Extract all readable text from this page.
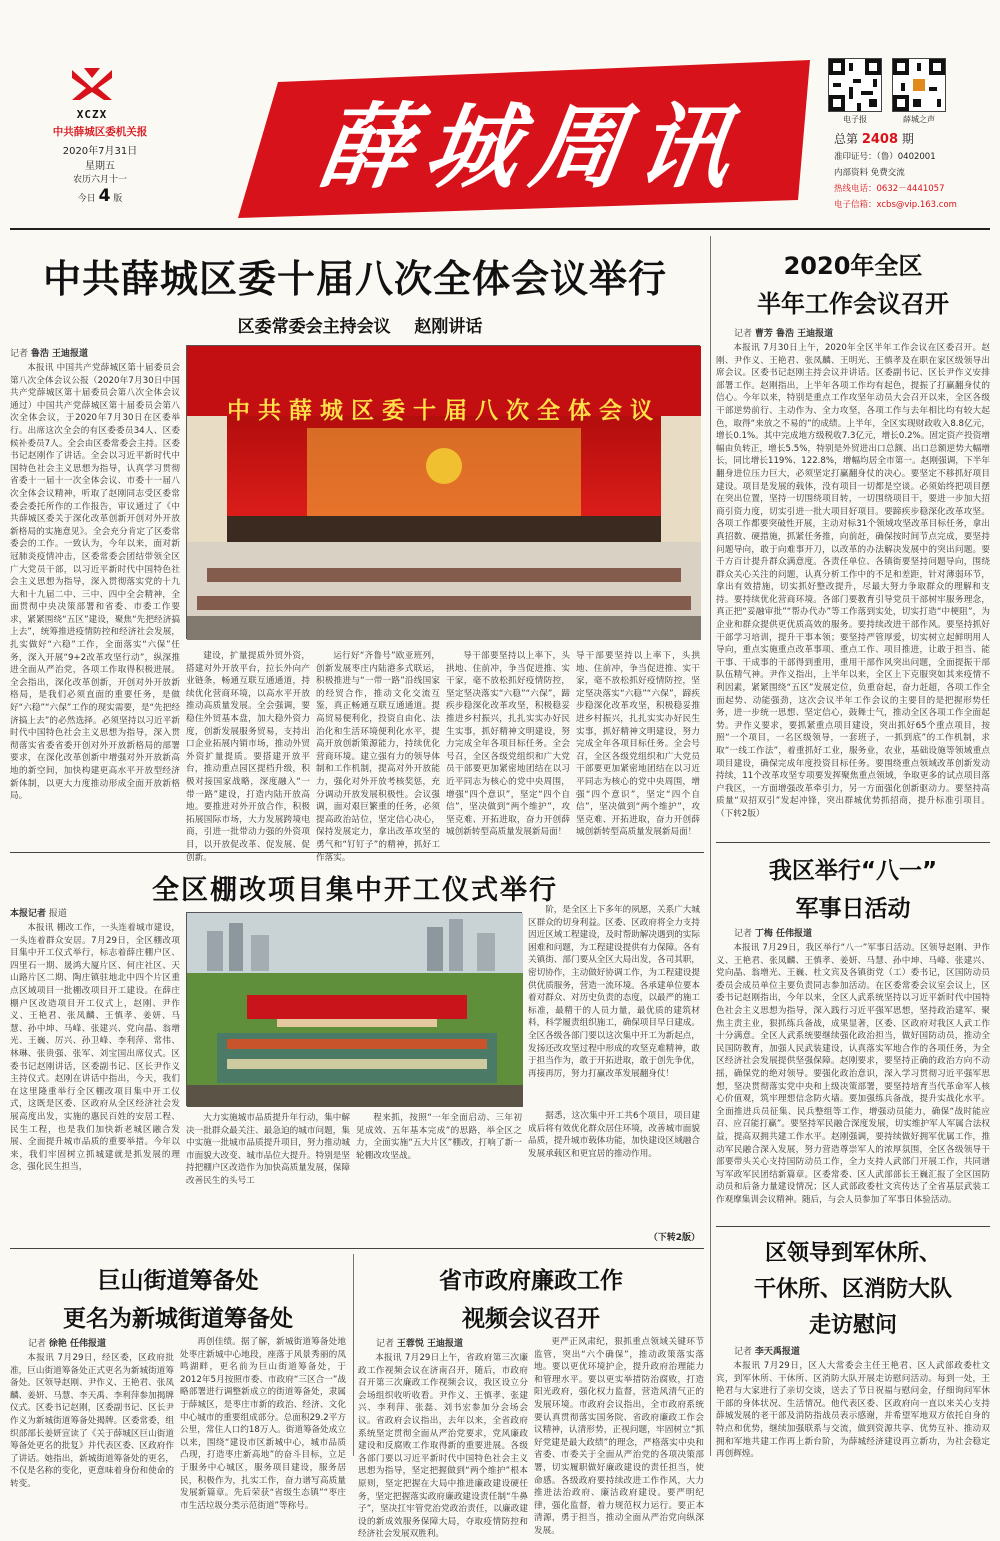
XCZX
中共薛城区委机关报
2020年7月31日
星期五
农历六月十一
今日 4 版	薛城周讯	电子报	薛城之声
总第 2408 期
准印证号：（鲁）0402001
内部资料 免费交流
热线电话：0632－4441057
电子信箱：xcbs@vip.163.com
中共薛城区委十届八次全体会议举行
区委常委会主持会议    赵刚讲话
记者 鲁浩 王迪报道

本报讯 中国共产党薛城区第十届委员会第八次全体会议公报（2020年7月30日中国共产党薛城区第十届委员会第八次全体会议通过）中国共产党薛城区第十届委员会第八次全体会议，于2020年7月30日在区委举行。出席这次全会的有区委委员34人、区委候补委员7人。全会由区委常委会主持。区委书记赵刚作了讲话。全会以习近平新时代中国特色社会主义思想为指导，认真学习贯彻省委十一届十一次全体会议、市委十一届八次全体会议精神，听取了赵刚同志受区委常委会委托所作的工作报告，审议通过了《中共薛城区委关于深化改革创新开创对外开放新格局的实施意见》。全会充分肯定了区委常委会的工作。一致认为，今年以来，面对新冠肺炎疫情冲击，区委常委会团结带领全区广大党员干部，以习近平新时代中国特色社会主义思想为指导，深入贯彻落实党的十九大和十九届二中、三中、四中全会精神，全面贯彻中央决策部署和省委、市委工作要求，紧紧围绕“五区”建设，聚焦“先把经济搞上去”，统筹推进疫情防控和经济社会发展，扎实做好“六稳”工作，全面落实“六保”任务，深入开展“9+2改革攻坚行动”，纵深推进全面从严治党，各项工作取得积极进展。全会指出，深化改革创新，开创对外开放新格局，是我们必须直面的重要任务，是做好“六稳”“六保”工作的现实需要，是“先把经济搞上去”的必然选择。必须坚持以习近平新时代中国特色社会主义思想为指导，深入贯彻落实省委省委开创对外开放新格局的部署要求，在深化改革创新中增强对外开放新高地的新空间，加快构建更高水平开放型经济新体制，以更大力度推动形成全面开放新格局。

中共薛城区委十届八次全体会议

建设，扩量提质外贸外资，搭建对外开放平台，拉长外向产业链条，畅通互联互通通道，持续优化营商环境，以高水平开放推动高质量发展。全会强调，要稳住外贸基本盘，加大稳外资力度，创新发展服务贸易，支持出口企业拓展内销市场，推动外贸外资扩量提质。要搭建开放平台，推动重点园区提档升级，积极对接国家战略，深度融入“一带一路”建设，打造内陆开放高地。要推进对外开放合作，积极拓展国际市场，大力发展跨境电商，引进一批带动力强的外资项目，以开放促改革、促发展、促创新。

运行好“齐鲁号”欧亚班列，创新发展枣庄内陆港多式联运，积极推进与“一带一路”沿线国家的经贸合作，推动文化交流互鉴，真正畅通互联互通通道。提高贸易便利化，投资自由化、法治化和生活环境便利化水平，提高开放创新策源能力，持续优化营商环境。建立强有力的领导体制和工作机制，提高对外开放能力，强化对外开放考核奖惩，充分调动开放发展积极性。会议强调，面对艰巨繁重的任务，必须提高政治站位，坚定信心决心，保持发展定力，拿出改革攻坚的勇气和“钉钉子”的精神，抓好工作落实。

导干部要坚持以上率下，头拱地、住前冲，争当促进推、实干家，毫不放松抓好疫情防控，坚定坚决落实“六稳”“六保”，蹄疾步稳深化改革攻坚，积极稳妥推进乡村振兴，扎扎实实办好民生实事，抓好精神文明建设，努力完成全年各项目标任务。全会号召，全区各级党组织和广大党员干部要更加紧密地团结在以习近平同志为核心的党中央周围，增强“四个意识”，坚定“四个自信”，坚决做到“两个维护”，攻坚克难、开拓进取，奋力开创薛城创新转型高质量发展新局面！

导干部要坚持以上率下，头拱地、住前冲，争当促进推、实干家，毫不放松抓好疫情防控，坚定坚决落实“六稳”“六保”，蹄疾步稳深化改革攻坚，积极稳妥推进乡村振兴，扎扎实实办好民生实事，抓好精神文明建设，努力完成全年各项目标任务。全会号召，全区各级党组织和广大党员干部要更加紧密地团结在以习近平同志为核心的党中央周围，增强“四个意识”，坚定“四个自信”，坚决做到“两个维护”，攻坚克难、开拓进取，奋力开创薛城创新转型高质量发展新局面！

2020年全区
半年工作会议召开
记者 曹芳 鲁浩 王迪报道

本报讯 7月30日上午，2020年全区半年工作会议在区委召开。赵刚、尹作义、王艳君、张凤麟、王明光、王慎孝及在职在家区级领导出席会议。区委书记赵刚主持会议并讲话。区委副书记、区长尹作义安排部署工作。赵刚指出，上半年各项工作均有起色，提振了打赢翻身仗的信心。今年以来，特别是重点工作攻坚年动员大会召开以来，全区各级干部逆势前行、主动作为、全力攻坚，各项工作与去年相比均有较大起色，取得“来放之不易的”的成绩。上半年，全区实现财政收入8.8亿元，增长0.1%。其中完成地方级税收7.3亿元，增长0.2%。固定资产投资增幅由负转正，增长5.5%，特别是外贸进出口总额、出口总额逆势大幅增长，同比增长119%、122.8%，增幅均居全市第一。赵刚强调，下半年翻身进位压力巨大，必须坚定打赢翻身仗的决心。要坚定不移抓好项目建设。项目是发展的载体，没有项目一切都是空谈。必须始终把项目摆在突出位置，坚持一切围绕项目转，一切围绕项目干，要进一步加大招商引资力度，切实引进一批大项目好项目。要蹄疾步稳深化改革攻坚。各项工作都要突破性开展，主动对标31个领域攻坚改革目标任务，拿出真招数、硬措施，抓紧任务推，向前赶，确保按时间节点完成，要坚持问题导向，敢于向难事开刀，以改革的办法解决发展中的突出问题。要千方百计提升群众满意度。各责任单位、各镇街要坚持问题导向，围绕群众关心关注的问题，认真分析工作中的不足和差距，针对薄弱环节，拿出有效措施，切实抓好整改提升，尽最大努力争取群众的理解和支持。要持续优化营商环境。各部门要教育引导党员干部树牢服务理念，真正把“妥融审批”“帮办代办”等工作落到实处，切实打造“中梗阻”，为企业和群众提供更优质高效的服务。要持续改进干部作风。要坚持抓好干部学习培训，提升干事本领；要坚持严管厚爱，切实树立起鲜明用人导向，重点实施重点改革事项、重点工作、项目推进，让敢于担当、能干事、干成事的干部得到重用，重用干部作风突出问题，全面提振干部队伍精气神。尹作义指出，上半年以来，全区上下克服突如其来疫情不利因素，紧紧围绕“五区”发展定位，负重奋起，奋力赶超，各项工作全面起势、动能强劲，这次会议半年工作会议的主要目的是把握形势任务，进一步统一思想、坚定信心，鼓舞士气，推动全区各项工作全面起势。尹作义要求，要抓紧重点项目建设，突出抓好65个重点项目，按照“一个项目，一名区级领导，一套班子，一抓到底”的工作机制，求取“一线工作法”，着重抓好工业，服务业，农业，基础设施等领域重点项目建设，确保完成年度投资目标任务。要围绕重点领域改革创新发动持续，11个改革攻坚专项要发挥聚焦重点领域，争取更多的试点项目落户我区，一方面增强改革牵引力，另一方面强化创新驱动力。要坚持高质量“双招双引”发起冲锋，突出群城优势抓招商，提升标准引项目。 （下转2版）

全区棚改项目集中开工仪式举行
本报记者 报道

本报讯 棚改工作，一头连着城市建设，一头连着群众安居。7月29日，全区棚改项目集中开工仪式举行，标志着薛庄棚户区、四里石一期、晟鸿大厦片区、何庄社区、天山路片区二期、陶庄镇驻地北中四个片区重点区域项目一批棚改项目开工建设。在薛庄棚户区改造项目开工仪式上，赵刚、尹作义、王艳君、张凤麟、王慎孝、姜妍、马慧、孙中坤、马峰、张建兴、党向晶、翁增光、王巍、厉兴、孙卫峰、李利萍、常伟、林琳、张贵强、张军、刘宝国出席仪式。区委书记赵刚讲话，区委副书记、区长尹作义主持仪式。赵刚在讲话中指出，今天，我们在这里隆重举行全区棚改项目集中开工仪式，这既是区委、区政府从全区经济社会发展高度出发，实施的惠民百姓的安居工程、民生工程，也是我们加快新老城区融合发展、全面提升城市品质的重要举措。今年以来，我们牢固树立抓城建就是抓发展的理念，强化民生担当，

大力实施城市品质提升年行动，集中解决一批群众最关注、最急迫的城市问题，集中实施一批城市品质提升项目，努力推动城市面貌大改变、城市品位大提升。特别是坚持把棚户区改造作为加快高质量发展，保障改善民生的头号工

程来抓，按照“一年全面启动、三年初见成效、五年基本完成”的思路，举全区之力，全面实施“五大片区”棚改，打响了新一轮棚改攻坚战。

阶，是全区上下多年的夙愿，关系广大城区群众的切身利益。区委、区政府将全力支持因近区域工程建设，及时帮助解决遇到的实际困难和问题，为工程建设提供有力保障。各有关镇街、部门要从全区大局出发，各司其职，密切协作，主动做好协调工作，为工程建设提供优质服务，营造一流环境。各承建单位要本着对群众、对历史负责的态度，以最严的施工标准，最精干的人员力量，最优质的建筑材料，科学履责组织施工，确保项目早日建成。全区各级各部门要以这次集中开工为新起点，发扬还改攻坚过程中形成的攻坚克难精神，敢于担当作为，敢于开拓进取，敢于创先争优，再接再厉，努力打赢改革发展翻身仗！

据悉，这次集中开工共6个项目，项目建成后将有效优化群众居住环境，改善城市面貌品质，提升城市载体功能，加快建设区域融合发展承载区和更宜居的推动作用。

（下转2版）
我区举行“八一”
军事日活动
记者 丁梅 任伟报道

本报讯 7月29日，我区举行“八一”军事日活动。区领导赵刚、尹作义、王艳君、张凤麟、王慎孝、姜妍、马慧、孙中坤、马峰、张建兴、党向晶、翁增光、王巍、杜文宾及各镇街党（工）委书记，区国防动员委员会成员单位主要负责同志参加活动。在区委常委会议室会议上，区委书记赵刚指出，今年以来，全区人武系统坚持以习近平新时代中国特色社会主义思想为指导，深入践行习近平强军思想，坚持政治建军、聚焦主责主业，狠抓练兵备战，成果显著，区委、区政府对我区人武工作十分满意。全区人武系统要继续强化政治担当，做好国防动员，推动全民国防教育，加强人民武装建设，认真落实军地合作的各项任务，为全区经济社会发展提供坚强保障。赵刚要求，要坚持正确的政治方向不动摇，确保党的绝对领导。要强化政治意识，深入学习贯彻习近平强军思想，坚决贯彻落实党中央和上级决策部署，要坚持培育当代革命军人核心价值观，筑牢理想信念防火墙。要加强练兵备战，提升实战化水平。全面推进兵员征集、民兵整组等工作，增强动员能力，确保“战时能应召、应召能打赢”。要坚持军民融合深度发展，切实维护军人军属合法权益，提高双拥共建工作水平。赵刚强调，要持续做好拥军优属工作，推动军民融合深入发展，努力营造尊崇军人的浓厚氛围，全区各级领导干部要带头关心支持国防动员工作，全力支持人武部门开展工作，共同谱写军政军民团结新篇章。区委常委、区人武部部长王巍汇报了全区国防动员和后备力量建设情况；区人武部政委杜文宾传达了全省基层武装工作观摩集训会议精神。随后，与会人员参加了军事日体验活动。

巨山街道筹备处
更名为新城街道筹备处
记者 徐艳 任伟报道

本报讯 7月29日，经区委，区政府批准，巨山街道筹备处正式更名为新城街道筹备处。区领导赵刚、尹作义、王艳君、张凤麟、姜妍、马慧、李天禹、李利萍参加揭牌仪式。区委书记赵刚，区委副书记、区长尹作义为新城街道筹备处揭牌。区委常委，组织部部长姜妍宣读了《关于薛城区巨山街道筹备处更名的批复》并代表区委、区政府作了讲话。她指出，新城街道筹备处的更名，不仅是名称的变化，更意味着身份和使命的转变。

再创佳绩。据了解，新城街道筹备处地处枣庄新城中心地段，座落于风景秀丽的凤鸣湖畔，更名前为巨山街道筹备处，于2012年5月按照市委、市政府“三区合一”战略部署进行调整新成立的街道筹备处，隶属于薛城区，是枣庄市新的政治、经济、文化中心城市的重要组成部分。总面积29.2平方公里，常住人口约18万人。街道筹备处成立以来，围绕“建设市区新城中心，城市品质凸现，打造枣庄新高地”的奋斗目标，立足于服务中心城区，服务项目建设，服务居民，积极作为，扎实工作，奋力谱写高质量发展新篇章。先后荣获“省级生态镇”“枣庄市生活垃圾分类示范街道”等称号。

省市政府廉政工作
视频会议召开
记者 王蓉悦 王迪报道

本报讯 7月29日上午，省政府第三次廉政工作视频会议在济南召开，随后，市政府召开第三次廉政工作视频会议，我区设立分会场组织收听收看。尹作义、王慎孝、张建兴、李利萍、张磊、刘书宏参加分会场会议。省政府会议指出，去年以来，全省政府系统坚定贯彻全面从严治党要求，党风廉政建设和反腐败工作取得新的重要进展。各级各部门要以习近平新时代中国特色社会主义思想为指导，坚定把握做到“两个维护”根本原则，坚定把握在大局中推进廉政建设硬任务，坚定把握落实政府廉政建设责任制“牛鼻子”，坚决扛牢管党治党政治责任，以廉政建设的新成效服务保障大局，夺取疫情防控和经济社会发展双胜利。

更严正风肃纪，狠抓重点领域关键环节监管，突出“六个确保”，推动政策落实落地。要以更优环境护企，提升政府治理能力和管理水平。要以更实举措防治腐败，打造阳光政府，强化权力监督，营造风清气正的发展环境。市政府会议指出，全市政府系统要认真贯彻落实国务院、省政府廉政工作会议精神，认清形势，正视问题，牢固树立“抓好党建是最大政绩”的理念，严格落实中央和省委、市委关于全面从严治党的各项决策部署，切实履职做好廉政建设的责任担当，使命感。各级政府要持续改进工作作风，大力推进法治政府、廉洁政府建设。要严明纪律，强化监督，着力规范权力运行。要正本清源，勇于担当，推动全面从严治党向纵深发展。

区领导到军休所、
干休所、区消防大队
走访慰问
记者 李天禹报道

本报讯 7月29日，区人大常委会主任王艳君、区人武部政委杜文宾，到军休所、干休所、区消防大队开展走访慰问活动。每到一处，王艳君与大家进行了亲切交谈，送去了节日祝福与慰问金，仔细询问军休干部的身体状况、生活情况。他代表区委、区政府向一直以来关心支持薛城发展的老干部及消防指战员表示感谢，并希望军地双方依托自身的特点和优势，继续加强联系与交流，做到资源共享、优势互补、推动双拥和军地共建工作再上新台阶，为薛城经济建设再立新功，为社会稳定再创辉煌。
